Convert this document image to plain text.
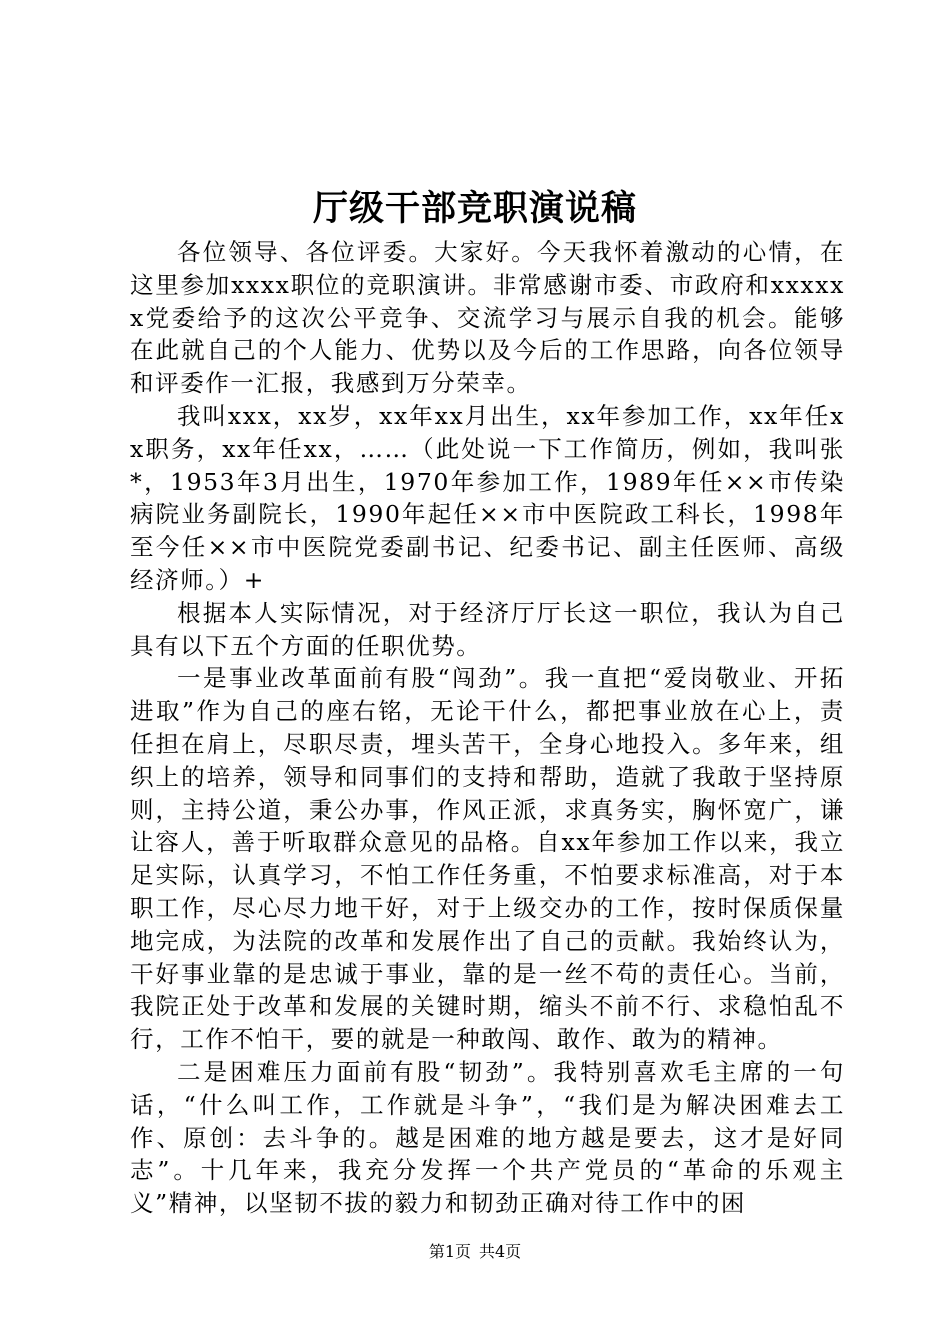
厅级干部竞职演说稿

各位领导、各位评委。大家好。今天我怀着激动的心情，在这里参加xxxx职位的竞职演讲。非常感谢市委、市政府和xxxxxx党委给予的这次公平竞争、交流学习与展示自我的机会。能够在此就自己的个人能力、优势以及今后的工作思路，向各位领导和评委作一汇报，我感到万分荣幸。

我叫xxx，xx岁，xx年xx月出生，xx年参加工作，xx年任xx职务，xx年任xx，……（此处说一下工作简历，例如，我叫张*，1953年3月出生，1970年参加工作，1989年任××市传染病院业务副院长，1990年起任××市中医院政工科长，1998年至今任××市中医院党委副书记、纪委书记、副主任医师、高级经济师。）+

根据本人实际情况，对于经济厅厅长这一职位，我认为自己具有以下五个方面的任职优势。

一是事业改革面前有股“闯劲”。我一直把“爱岗敬业、开拓进取”作为自己的座右铭，无论干什么，都把事业放在心上，责任担在肩上，尽职尽责，埋头苦干，全身心地投入。多年来，组织上的培养，领导和同事们的支持和帮助，造就了我敢于坚持原则，主持公道，秉公办事，作风正派，求真务实，胸怀宽广，谦让容人，善于听取群众意见的品格。自xx年参加工作以来，我立足实际，认真学习，不怕工作任务重，不怕要求标准高，对于本职工作，尽心尽力地干好，对于上级交办的工作，按时保质保量地完成，为法院的改革和发展作出了自己的贡献。我始终认为，干好事业靠的是忠诚于事业，靠的是一丝不苟的责任心。当前，我院正处于改革和发展的关键时期，缩头不前不行、求稳怕乱不行，工作不怕干，要的就是一种敢闯、敢作、敢为的精神。

二是困难压力面前有股“韧劲”。我特别喜欢毛主席的一句话，“什么叫工作，工作就是斗争”，“我们是为解决困难去工作、原创：去斗争的。越是困难的地方越是要去，这才是好同志”。十几年来，我充分发挥一个共产党员的“革命的乐观主义”精神，以坚韧不拔的毅力和韧劲正确对待工作中的困

第1页 共4页
